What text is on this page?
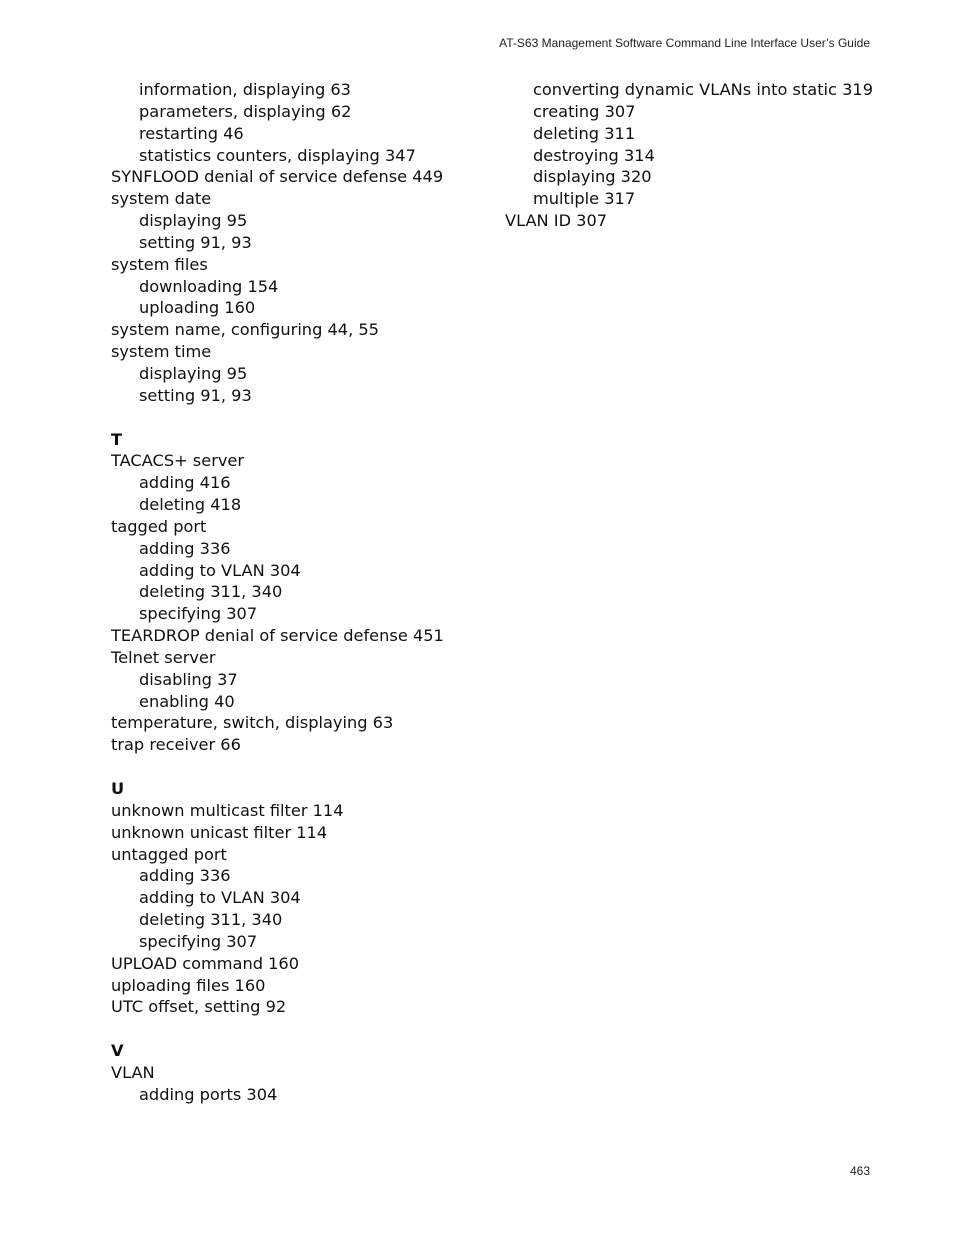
AT-S63 Management Software Command Line Interface User’s Guide
information, displaying 63
parameters, displaying 62
restarting 46
statistics counters, displaying 347
SYNFLOOD denial of service defense 449
system date
displaying 95
setting 91, 93
system files
downloading 154
uploading 160
system name, configuring 44, 55
system time
displaying 95
setting 91, 93
T
TACACS+ server
adding 416
deleting 418
tagged port
adding 336
adding to VLAN 304
deleting 311, 340
specifying 307
TEARDROP denial of service defense 451
Telnet server
disabling 37
enabling 40
temperature, switch, displaying 63
trap receiver 66
U
unknown multicast filter 114
unknown unicast filter 114
untagged port
adding 336
adding to VLAN 304
deleting 311, 340
specifying 307
UPLOAD command 160
uploading files 160
UTC offset, setting 92
V
VLAN
adding ports 304
converting dynamic VLANs into static 319
creating 307
deleting 311
destroying 314
displaying 320
multiple 317
VLAN ID 307
463
